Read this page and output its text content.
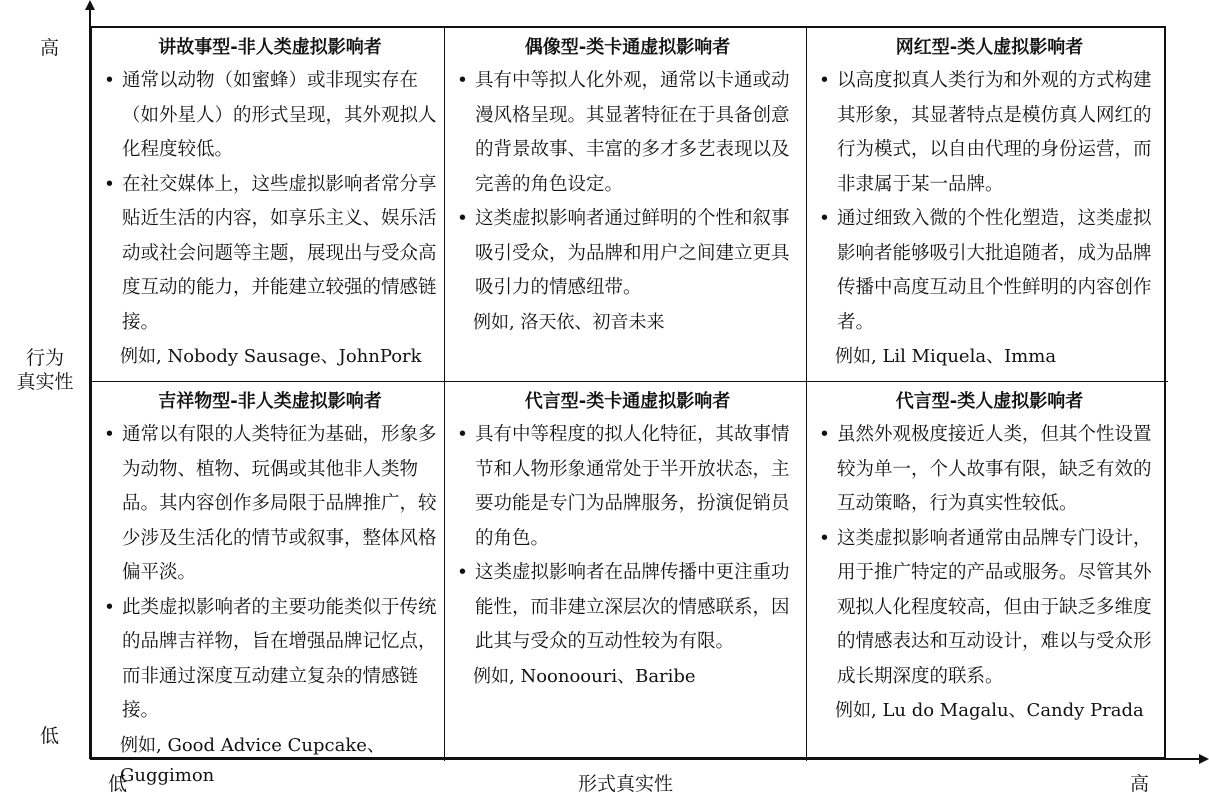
高
行为
真实性
低
低	形式真实性	高
讲故事型-非人类虚拟影响者
• 通常以动物（如蜜蜂）或非现实存在（如外星人）的形式呈现，其外观拟人化程度较低。
• 在社交媒体上，这些虚拟影响者常分享贴近生活的内容，如享乐主义、娱乐活动或社会问题等主题，展现出与受众高度互动的能力，并能建立较强的情感链接。
例如, Nobody Sausage、JohnPork
偶像型-类卡通虚拟影响者
• 具有中等拟人化外观，通常以卡通或动漫风格呈现。其显著特征在于具备创意的背景故事、丰富的多才多艺表现以及完善的角色设定。
• 这类虚拟影响者通过鲜明的个性和叙事吸引受众，为品牌和用户之间建立更具吸引力的情感纽带。
例如, 洛天依、初音未来
网红型-类人虚拟影响者
• 以高度拟真人类行为和外观的方式构建其形象，其显著特点是模仿真人网红的行为模式，以自由代理的身份运营，而非隶属于某一品牌。
• 通过细致入微的个性化塑造，这类虚拟影响者能够吸引大批追随者，成为品牌传播中高度互动且个性鲜明的内容创作者。
例如, Lil Miquela、Imma
吉祥物型-非人类虚拟影响者
• 通常以有限的人类特征为基础，形象多为动物、植物、玩偶或其他非人类物品。其内容创作多局限于品牌推广，较少涉及生活化的情节或叙事，整体风格偏平淡。
• 此类虚拟影响者的主要功能类似于传统的品牌吉祥物，旨在增强品牌记忆点，而非通过深度互动建立复杂的情感链接。
例如, Good Advice Cupcake、Guggimon
代言型-类卡通虚拟影响者
• 具有中等程度的拟人化特征，其故事情节和人物形象通常处于半开放状态，主要功能是专门为品牌服务，扮演促销员的角色。
• 这类虚拟影响者在品牌传播中更注重功能性，而非建立深层次的情感联系，因此其与受众的互动性较为有限。
例如, Noonoouri、Baribe
代言型-类人虚拟影响者
• 虽然外观极度接近人类，但其个性设置较为单一，个人故事有限，缺乏有效的互动策略，行为真实性较低。
• 这类虚拟影响者通常由品牌专门设计，用于推广特定的产品或服务。尽管其外观拟人化程度较高，但由于缺乏多维度的情感表达和互动设计，难以与受众形成长期深度的联系。
例如, Lu do Magalu、Candy Prada
